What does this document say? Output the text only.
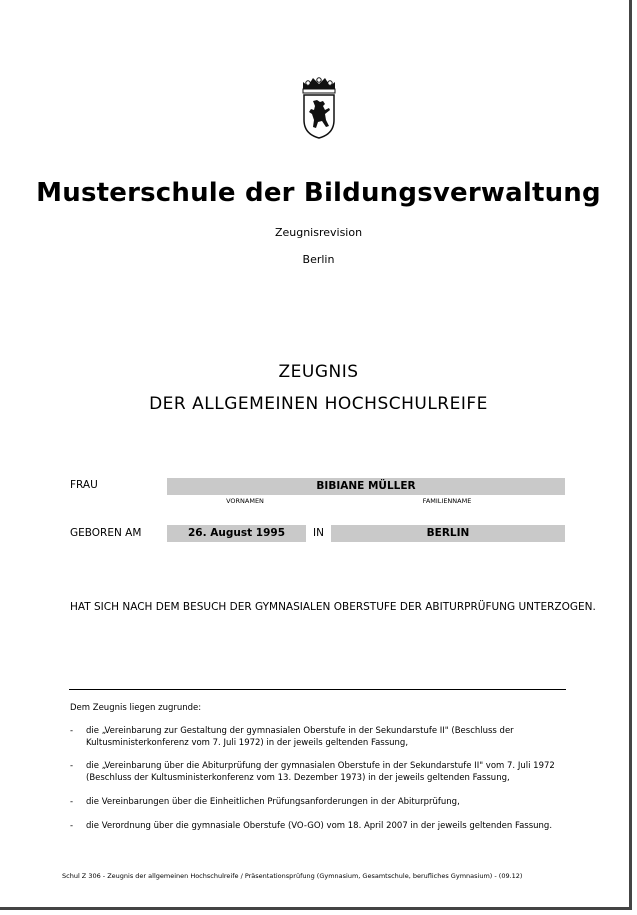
Musterschule der Bildungsverwaltung
Zeugnisrevision
Berlin
ZEUGNIS
DER ALLGEMEINEN HOCHSCHULREIFE
FRAU	BIBIANE MÜLLER
VORNAMEN	FAMILIENNAME
GEBOREN AM	26. August 1995	IN	BERLIN
HAT SICH NACH DEM BESUCH DER GYMNASIALEN OBERSTUFE DER ABITURPRÜFUNG UNTERZOGEN.
Dem Zeugnis liegen zugrunde:
- die „Vereinbarung zur Gestaltung der gymnasialen Oberstufe in der Sekundarstufe II" (Beschluss der Kultusministerkonferenz vom 7. Juli 1972) in der jeweils geltenden Fassung,
- die „Vereinbarung über die Abiturprüfung der gymnasialen Oberstufe in der Sekundarstufe II" vom 7. Juli 1972 (Beschluss der Kultusministerkonferenz vom 13. Dezember 1973) in der jeweils geltenden Fassung,
- die Vereinbarungen über die Einheitlichen Prüfungsanforderungen in der Abiturprüfung,
- die Verordnung über die gymnasiale Oberstufe (VO-GO) vom 18. April 2007 in der jeweils geltenden Fassung.
Schul Z 306 - Zeugnis der allgemeinen Hochschulreife / Präsentationsprüfung (Gymnasium, Gesamtschule, berufliches Gymnasium) - (09.12)
